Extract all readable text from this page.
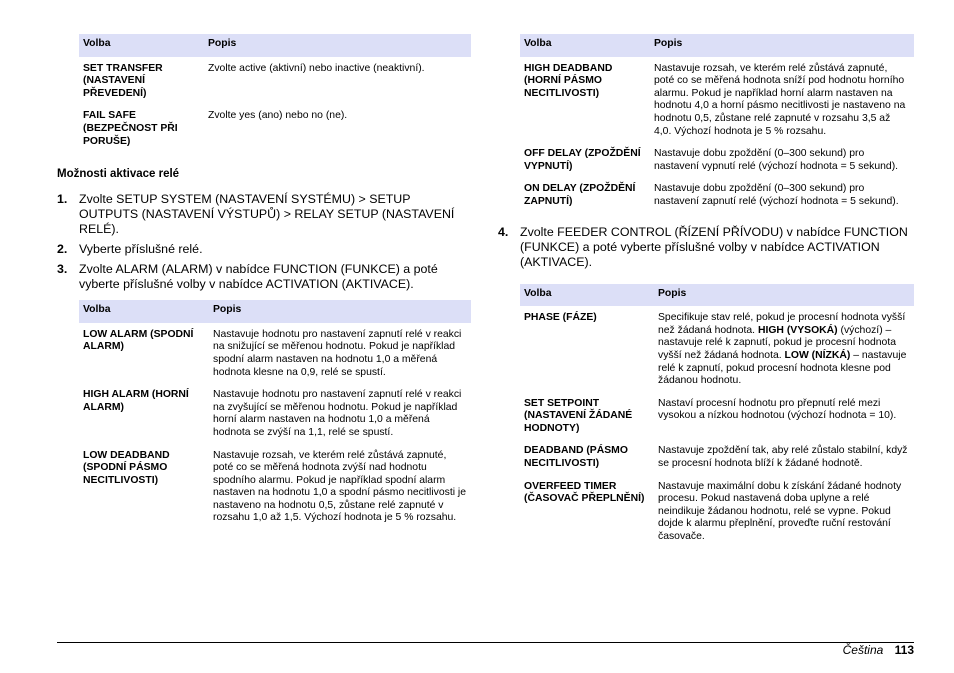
Volba	Popis
SET TRANSFER (NASTAVENÍ PŘEVEDENÍ)	Zvolte active (aktivní) nebo inactive (neaktivní).
FAIL SAFE (BEZPEČNOST PŘI PORUŠE)	Zvolte yes (ano) nebo no (ne).
Možnosti aktivace relé
1. Zvolte SETUP SYSTEM (NASTAVENÍ SYSTÉMU) > SETUP OUTPUTS (NASTAVENÍ VÝSTUPŮ) > RELAY SETUP (NASTAVENÍ RELÉ).
2. Vyberte příslušné relé.
3. Zvolte ALARM (ALARM) v nabídce FUNCTION (FUNKCE) a poté vyberte příslušné volby v nabídce ACTIVATION (AKTIVACE).
Volba	Popis
LOW ALARM (SPODNÍ ALARM)	Nastavuje hodnotu pro nastavení zapnutí relé v reakci na snižující se měřenou hodnotu. Pokud je například spodní alarm nastaven na hodnotu 1,0 a měřená hodnota klesne na 0,9, relé se spustí.
HIGH ALARM (HORNÍ ALARM)	Nastavuje hodnotu pro nastavení zapnutí relé v reakci na zvyšující se měřenou hodnotu. Pokud je například horní alarm nastaven na hodnotu 1,0 a měřená hodnota se zvýší na 1,1, relé se spustí.
LOW DEADBAND (SPODNÍ PÁSMO NECITLIVOSTI)	Nastavuje rozsah, ve kterém relé zůstává zapnuté, poté co se měřená hodnota zvýší nad hodnotu spodního alarmu. Pokud je například spodní alarm nastaven na hodnotu 1,0 a spodní pásmo necitlivosti je nastaveno na hodnotu 0,5, zůstane relé zapnuté v rozsahu 1,0 až 1,5. Výchozí hodnota je 5 % rozsahu.
Volba	Popis
HIGH DEADBAND (HORNÍ PÁSMO NECITLIVOSTI)	Nastavuje rozsah, ve kterém relé zůstává zapnuté, poté co se měřená hodnota sníží pod hodnotu horního alarmu. Pokud je například horní alarm nastaven na hodnotu 4,0 a horní pásmo necitlivosti je nastaveno na hodnotu 0,5, zůstane relé zapnuté v rozsahu 3,5 až 4,0. Výchozí hodnota je 5 % rozsahu.
OFF DELAY (ZPOŽDĚNÍ VYPNUTÍ)	Nastavuje dobu zpoždění (0–300 sekund) pro nastavení vypnutí relé (výchozí hodnota = 5 sekund).
ON DELAY (ZPOŽDĚNÍ ZAPNUTÍ)	Nastavuje dobu zpoždění (0–300 sekund) pro nastavení zapnutí relé (výchozí hodnota = 5 sekund).
4. Zvolte FEEDER CONTROL (ŘÍZENÍ PŘÍVODU) v nabídce FUNCTION (FUNKCE) a poté vyberte příslušné volby v nabídce ACTIVATION (AKTIVACE).
Volba	Popis
PHASE (FÁZE)	Specifikuje stav relé, pokud je procesní hodnota vyšší než žádaná hodnota. HIGH (VYSOKÁ) (výchozí) – nastavuje relé k zapnutí, pokud je procesní hodnota vyšší než žádaná hodnota. LOW (NÍZKÁ) – nastavuje relé k zapnutí, pokud procesní hodnota klesne pod žádanou hodnotu.
SET SETPOINT (NASTAVENÍ ŽÁDANÉ HODNOTY)	Nastaví procesní hodnotu pro přepnutí relé mezi vysokou a nízkou hodnotou (výchozí hodnota = 10).
DEADBAND (PÁSMO NECITLIVOSTI)	Nastavuje zpoždění tak, aby relé zůstalo stabilní, když se procesní hodnota blíží k žádané hodnotě.
OVERFEED TIMER (ČASOVAČ PŘEPLNĚNÍ)	Nastavuje maximální dobu k získání žádané hodnoty procesu. Pokud nastavená doba uplyne a relé neindikuje žádanou hodnotu, relé se vypne. Pokud dojde k alarmu přeplnění, proveďte ruční restování časovače.
Čeština 113
